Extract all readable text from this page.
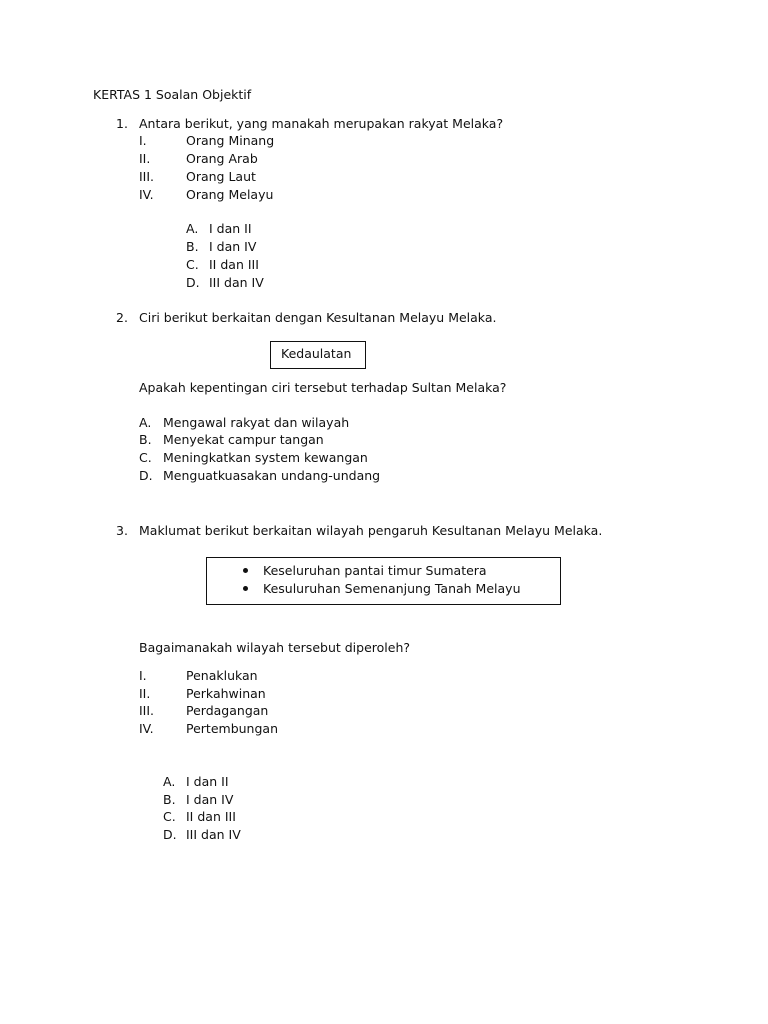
KERTAS 1 Soalan Objektif
1. Antara berikut, yang manakah merupakan rakyat Melaka?
I.	Orang Minang
II.	Orang Arab
III.	Orang Laut
IV.	Orang Melayu
A. I dan II
B. I dan IV
C. II dan III
D. III dan IV
2. Ciri berikut berkaitan dengan Kesultanan Melayu Melaka.
Kedaulatan
Apakah kepentingan ciri tersebut terhadap Sultan Melaka?
A. Mengawal rakyat dan wilayah
B. Menyekat campur tangan
C. Meningkatkan system kewangan
D. Menguatkuasakan undang-undang
3. Maklumat berikut berkaitan wilayah pengaruh Kesultanan Melayu Melaka.
Keseluruhan pantai timur Sumatera
Kesuluruhan Semenanjung Tanah Melayu
Bagaimanakah wilayah tersebut diperoleh?
I.	Penaklukan
II.	Perkahwinan
III.	Perdagangan
IV.	Pertembungan
A. I dan II
B. I dan IV
C. II dan III
D. III dan IV
